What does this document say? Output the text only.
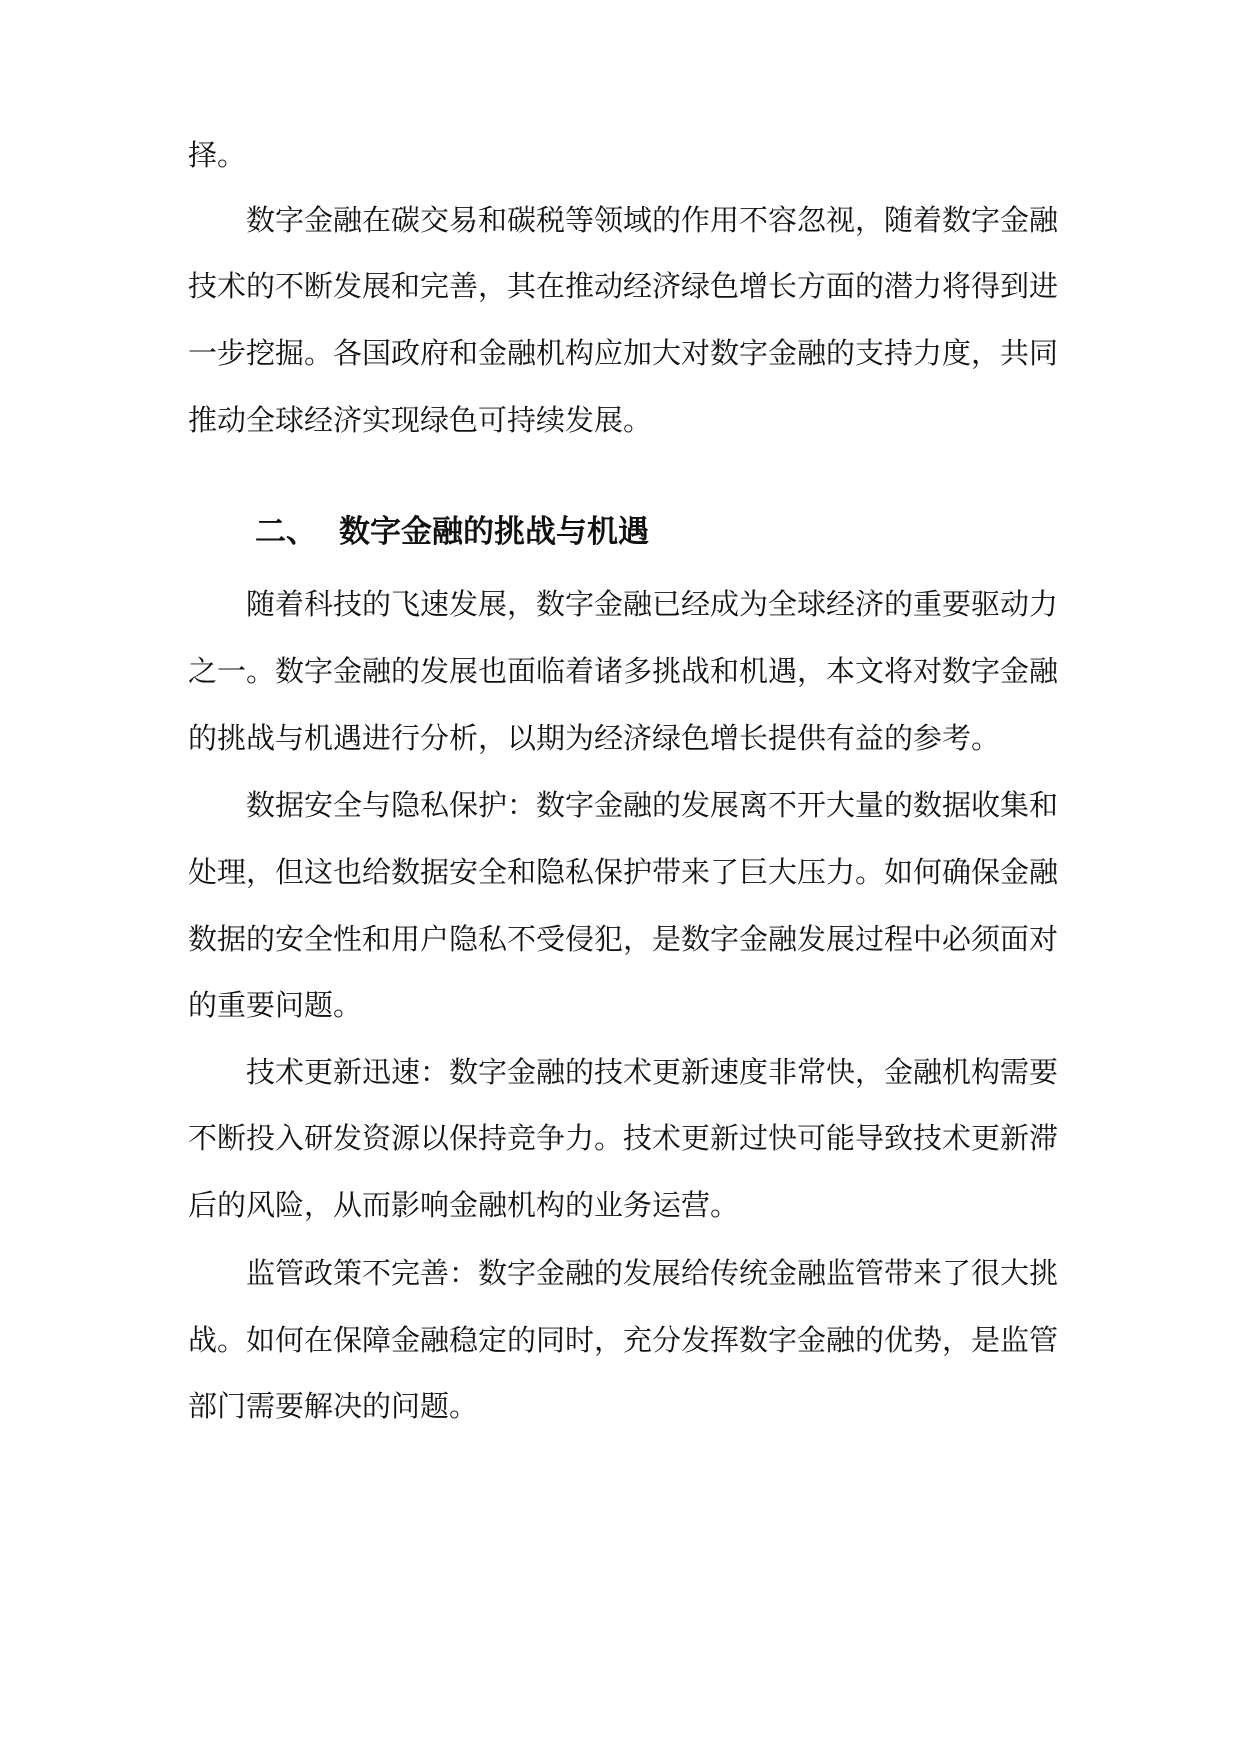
择。
数字金融在碳交易和碳税等领域的作用不容忽视，随着数字金融
技术的不断发展和完善，其在推动经济绿色增长方面的潜力将得到进
一步挖掘。各国政府和金融机构应加大对数字金融的支持力度，共同
推动全球经济实现绿色可持续发展。
二、 数字金融的挑战与机遇
随着科技的飞速发展，数字金融已经成为全球经济的重要驱动力
之一。数字金融的发展也面临着诸多挑战和机遇，本文将对数字金融
的挑战与机遇进行分析，以期为经济绿色增长提供有益的参考。
数据安全与隐私保护：数字金融的发展离不开大量的数据收集和
处理，但这也给数据安全和隐私保护带来了巨大压力。如何确保金融
数据的安全性和用户隐私不受侵犯，是数字金融发展过程中必须面对
的重要问题。
技术更新迅速：数字金融的技术更新速度非常快，金融机构需要
不断投入研发资源以保持竞争力。技术更新过快可能导致技术更新滞
后的风险，从而影响金融机构的业务运营。
监管政策不完善：数字金融的发展给传统金融监管带来了很大挑
战。如何在保障金融稳定的同时，充分发挥数字金融的优势，是监管
部门需要解决的问题。
